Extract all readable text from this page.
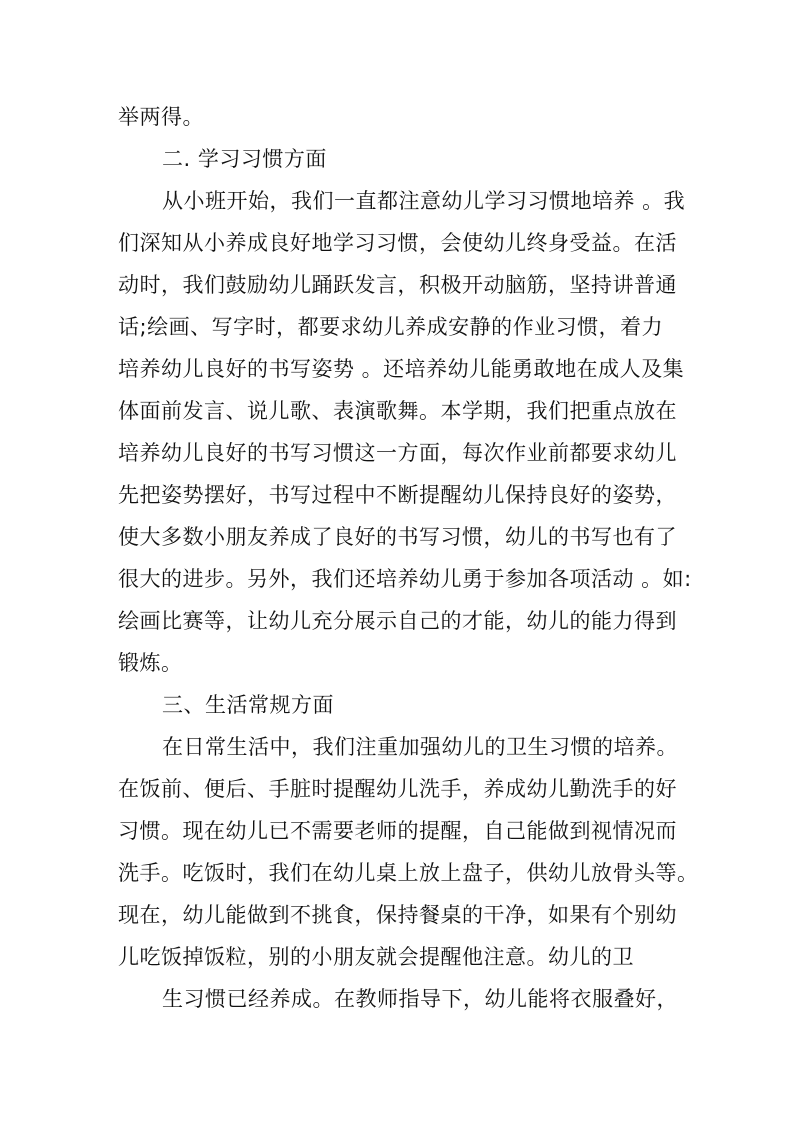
举两得。
二. 学习习惯方面
从小班开始，我们一直都注意幼儿学习习惯地培养 。我
们深知从小养成良好地学习习惯，会使幼儿终身受益。在活
动时，我们鼓励幼儿踊跃发言，积极开动脑筋，坚持讲普通
话;绘画、写字时，都要求幼儿养成安静的作业习惯，着力
培养幼儿良好的书写姿势 。还培养幼儿能勇敢地在成人及集
体面前发言、说儿歌、表演歌舞。本学期，我们把重点放在
培养幼儿良好的书写习惯这一方面，每次作业前都要求幼儿
先把姿势摆好，书写过程中不断提醒幼儿保持良好的姿势，
使大多数小朋友养成了良好的书写习惯，幼儿的书写也有了
很大的进步。另外，我们还培养幼儿勇于参加各项活动 。如:
绘画比赛等，让幼儿充分展示自己的才能，幼儿的能力得到
锻炼。
三、生活常规方面
在日常生活中，我们注重加强幼儿的卫生习惯的培养。
在饭前、便后、手脏时提醒幼儿洗手，养成幼儿勤洗手的好
习惯。现在幼儿已不需要老师的提醒，自己能做到视情况而
洗手。吃饭时，我们在幼儿桌上放上盘子，供幼儿放骨头等。
现在，幼儿能做到不挑食，保持餐桌的干净，如果有个别幼
儿吃饭掉饭粒，别的小朋友就会提醒他注意。幼儿的卫
生习惯已经养成。在教师指导下，幼儿能将衣服叠好，
